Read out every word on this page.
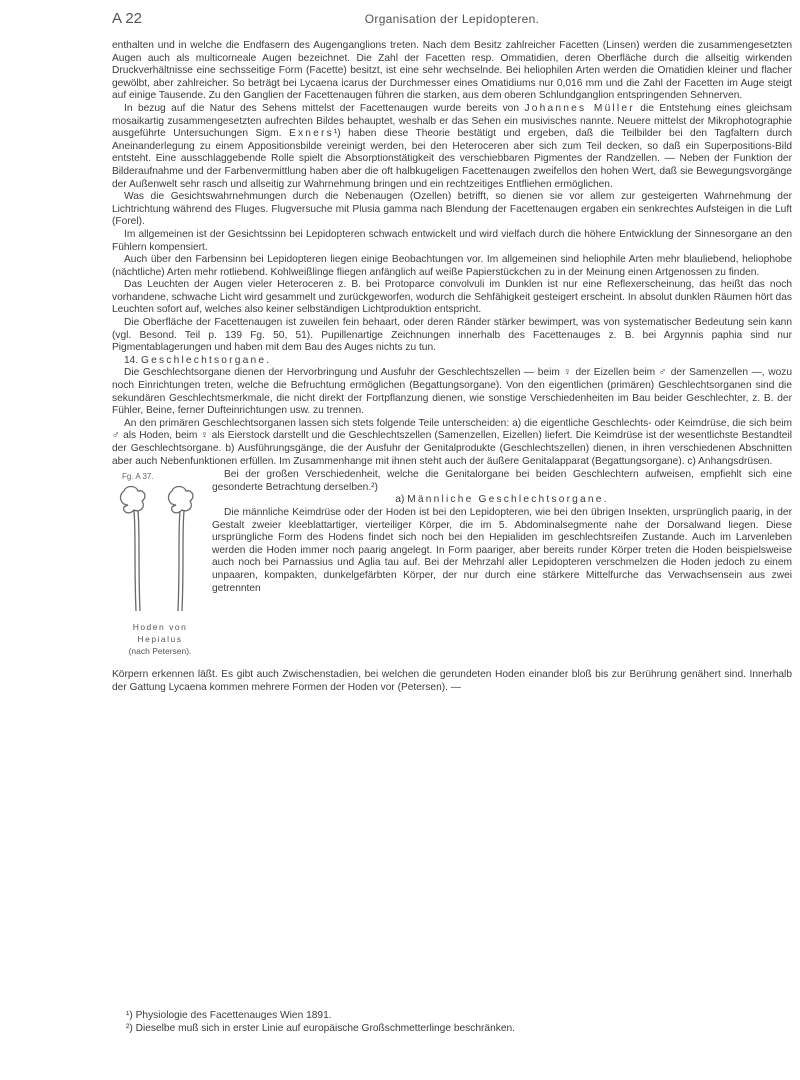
A 22	Organisation der Lepidopteren.

enthalten und in welche die Endfasern des Augenganglions treten. Nach dem Besitz zahlreicher Facetten (Linsen) werden die zusammengesetzten Augen auch als multicorneale Augen bezeichnet. Die Zahl der Facetten resp. Ommatidien, deren Oberfläche durch die allseitig wirkenden Druckverhältnisse eine sechsseitige Form (Facette) besitzt, ist eine sehr wechselnde. Bei heliophilen Arten werden die Omatidien kleiner und flacher gewölbt, aber zahlreicher. So beträgt bei Lycaena icarus der Durchmesser eines Omatidiums nur 0,016 mm und die Zahl der Facetten im Auge steigt auf einige Tausende. Zu den Ganglien der Facettenaugen führen die starken, aus dem oberen Schlundganglion entspringenden Sehnerven.

In bezug auf die Natur des Sehens mittelst der Facettenaugen wurde bereits von Johannes Müller die Entstehung eines gleichsam mosaikartig zusammengesetzten aufrechten Bildes behauptet, weshalb er das Sehen ein musivisches nannte. Neuere mittelst der Mikrophotographie ausgeführte Untersuchungen Sigm. Exners¹) haben diese Theorie bestätigt und ergeben, daß die Teilbilder bei den Tagfaltern durch Aneinanderlegung zu einem Appositionsbilde vereinigt werden, bei den Heteroceren aber sich zum Teil decken, so daß ein Superpositions-Bild entsteht. Eine ausschlaggebende Rolle spielt die Absorptionstätigkeit des verschiebbaren Pigmentes der Randzellen. — Neben der Funktion der Bilderaufnahme und der Farbenvermittlung haben aber die oft halbkugeligen Facettenaugen zweifellos den hohen Wert, daß sie Bewegungsvorgänge der Außenwelt sehr rasch und allseitig zur Wahrnehmung bringen und ein rechtzeitiges Entfliehen ermöglichen.

Was die Gesichtswahrnehmungen durch die Nebenaugen (Ozellen) betrifft, so dienen sie vor allem zur gesteigerten Wahrnehmung der Lichtrichtung während des Fluges. Flugversuche mit Plusia gamma nach Blendung der Facettenaugen ergaben ein senkrechtes Aufsteigen in die Luft (Forel).

Im allgemeinen ist der Gesichtssinn bei Lepidopteren schwach entwickelt und wird vielfach durch die höhere Entwicklung der Sinnesorgane an den Fühlern kompensiert.

Auch über den Farbensinn bei Lepidopteren liegen einige Beobachtungen vor. Im allgemeinen sind heliophile Arten mehr blauliebend, heliophobe (nächtliche) Arten mehr rotliebend. Kohlweißlinge fliegen anfänglich auf weiße Papierstückchen zu in der Meinung einen Artgenossen zu finden.

Das Leuchten der Augen vieler Heteroceren z. B. bei Protoparce convolvuli im Dunklen ist nur eine Reflexerscheinung, das heißt das noch vorhandene, schwache Licht wird gesammelt und zurückgeworfen, wodurch die Sehfähigkeit gesteigert erscheint. In absolut dunklen Räumen hört das Leuchten sofort auf, welches also keiner selbständigen Lichtproduktion entspricht.

Die Oberfläche der Facettenaugen ist zuweilen fein behaart, oder deren Ränder stärker bewimpert, was von systematischer Bedeutung sein kann (vgl. Besond. Teil p. 139 Fg. 50, 51). Pupillenartige Zeichnungen innerhalb des Facettenauges z. B. bei Argynnis paphia sind nur Pigmentablagerungen und haben mit dem Bau des Auges nichts zu tun.

14. Geschlechtsorgane.

Die Geschlechtsorgane dienen der Hervorbringung und Ausfuhr der Geschlechtszellen — beim ♀ der Eizellen beim ♂ der Samenzellen —, wozu noch Einrichtungen treten, welche die Befruchtung ermöglichen (Begattungsorgane). Von den eigentlichen (primären) Geschlechtsorganen sind die sekundären Geschlechtsmerkmale, die nicht direkt der Fortpflanzung dienen, wie sonstige Verschiedenheiten im Bau beider Geschlechter, z. B. der Fühler, Beine, ferner Dufteinrichtungen usw. zu trennen.

An den primären Geschlechtsorganen lassen sich stets folgende Teile unterscheiden: a) die eigentliche Geschlechts- oder Keimdrüse, die sich beim ♂ als Hoden, beim ♀ als Eierstock darstellt und die Geschlechtszellen (Samenzellen, Eizellen) liefert. Die Keimdrüse ist der wesentlichste Bestandteil der Geschlechtsorgane. b) Ausführungsgänge, die der Ausfuhr der Genitalprodukte (Geschlechtszellen) dienen, in ihren verschiedenen Abschnitten aber auch Nebenfunktionen erfüllen. Im Zusammenhange mit ihnen steht auch der äußere Genitalapparat (Begattungsorgane). c) Anhangsdrüsen.

Fg. A 37.
Hoden von
Hepialus
(nach Petersen).

Bei der großen Verschiedenheit, welche die Genitalorgane bei beiden Geschlechtern aufweisen, empfiehlt sich eine gesonderte Betrachtung derselben.²)

a) Männliche Geschlechtsorgane.

Die männliche Keimdrüse oder der Hoden ist bei den Lepidopteren, wie bei den übrigen Insekten, ursprünglich paarig, in der Gestalt zweier kleeblattartiger, vierteiliger Körper, die im 5. Abdominalsegmente nahe der Dorsalwand liegen. Diese ursprüngliche Form des Hodens findet sich noch bei den Hepialiden im geschlechtsreifen Zustande. Auch im Larvenleben werden die Hoden immer noch paarig angelegt. In Form paariger, aber bereits runder Körper treten die Hoden beispielsweise auch noch bei Parnassius und Aglia tau auf. Bei der Mehrzahl aller Lepidopteren verschmelzen die Hoden jedoch zu einem unpaaren, kompakten, dunkelgefärbten Körper, der nur durch eine stärkere Mittelfurche das Verwachsensein aus zwei getrennten

Körpern erkennen läßt. Es gibt auch Zwischenstadien, bei welchen die gerundeten Hoden einander bloß bis zur Berührung genähert sind. Innerhalb der Gattung Lycaena kommen mehrere Formen der Hoden vor (Petersen). —

¹) Physiologie des Facettenauges Wien 1891.

²) Dieselbe muß sich in erster Linie auf europäische Großschmetterlinge beschränken.
